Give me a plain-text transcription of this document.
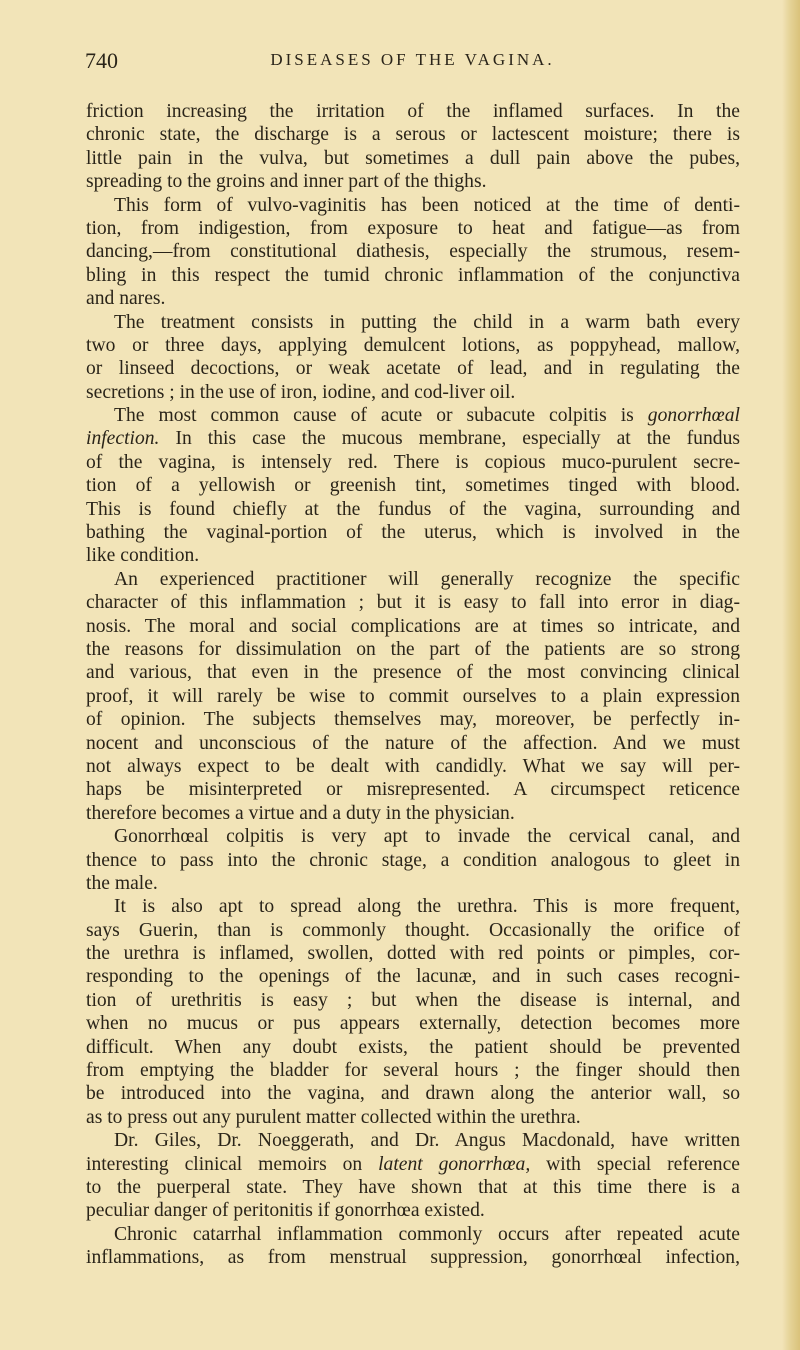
740	DISEASES OF THE VAGINA.
friction increasing the irritation of the inflamed surfaces. In the
chronic state, the discharge is a serous or lactescent moisture; there is
little pain in the vulva, but sometimes a dull pain above the pubes,
spreading to the groins and inner part of the thighs.
This form of vulvo-vaginitis has been noticed at the time of denti-
tion, from indigestion, from exposure to heat and fatigue—as from
dancing,—from constitutional diathesis, especially the strumous, resem-
bling in this respect the tumid chronic inflammation of the conjunctiva
and nares.
The treatment consists in putting the child in a warm bath every
two or three days, applying demulcent lotions, as poppyhead, mallow,
or linseed decoctions, or weak acetate of lead, and in regulating the
secretions ; in the use of iron, iodine, and cod-liver oil.
The most common cause of acute or subacute colpitis is gonorrhœal
infection. In this case the mucous membrane, especially at the fundus
of the vagina, is intensely red. There is copious muco-purulent secre-
tion of a yellowish or greenish tint, sometimes tinged with blood.
This is found chiefly at the fundus of the vagina, surrounding and
bathing the vaginal-portion of the uterus, which is involved in the
like condition.
An experienced practitioner will generally recognize the specific
character of this inflammation ; but it is easy to fall into error in diag-
nosis. The moral and social complications are at times so intricate, and
the reasons for dissimulation on the part of the patients are so strong
and various, that even in the presence of the most convincing clinical
proof, it will rarely be wise to commit ourselves to a plain expression
of opinion. The subjects themselves may, moreover, be perfectly in-
nocent and unconscious of the nature of the affection. And we must
not always expect to be dealt with candidly. What we say will per-
haps be misinterpreted or misrepresented. A circumspect reticence
therefore becomes a virtue and a duty in the physician.
Gonorrhœal colpitis is very apt to invade the cervical canal, and
thence to pass into the chronic stage, a condition analogous to gleet in
the male.
It is also apt to spread along the urethra. This is more frequent,
says Guerin, than is commonly thought. Occasionally the orifice of
the urethra is inflamed, swollen, dotted with red points or pimples, cor-
responding to the openings of the lacunæ, and in such cases recogni-
tion of urethritis is easy ; but when the disease is internal, and
when no mucus or pus appears externally, detection becomes more
difficult. When any doubt exists, the patient should be prevented
from emptying the bladder for several hours ; the finger should then
be introduced into the vagina, and drawn along the anterior wall, so
as to press out any purulent matter collected within the urethra.
Dr. Giles, Dr. Noeggerath, and Dr. Angus Macdonald, have written
interesting clinical memoirs on latent gonorrhœa, with special reference
to the puerperal state. They have shown that at this time there is a
peculiar danger of peritonitis if gonorrhœa existed.
Chronic catarrhal inflammation commonly occurs after repeated acute
inflammations, as from menstrual suppression, gonorrhœal infection,
